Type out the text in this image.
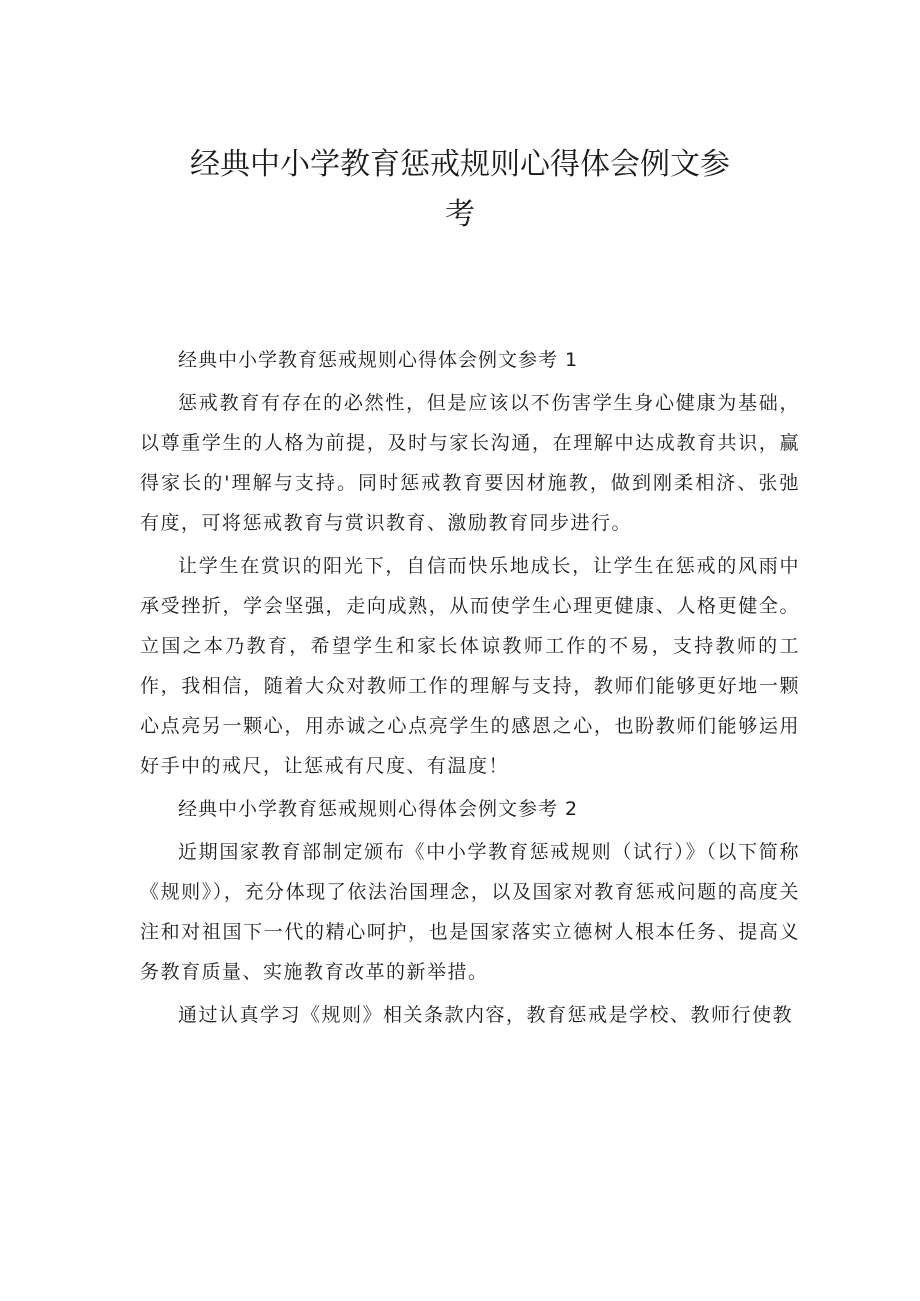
经典中小学教育惩戒规则心得体会例文参
考

经典中小学教育惩戒规则心得体会例文参考 1

惩戒教育有存在的必然性，但是应该以不伤害学生身心健康为基础，以尊重学生的人格为前提，及时与家长沟通，在理解中达成教育共识，赢得家长的'理解与支持。同时惩戒教育要因材施教，做到刚柔相济、张弛有度，可将惩戒教育与赏识教育、激励教育同步进行。

让学生在赏识的阳光下，自信而快乐地成长，让学生在惩戒的风雨中承受挫折，学会坚强，走向成熟，从而使学生心理更健康、人格更健全。立国之本乃教育，希望学生和家长体谅教师工作的不易，支持教师的工作，我相信，随着大众对教师工作的理解与支持，教师们能够更好地一颗心点亮另一颗心，用赤诚之心点亮学生的感恩之心，也盼教师们能够运用好手中的戒尺，让惩戒有尺度、有温度！

经典中小学教育惩戒规则心得体会例文参考 2

近期国家教育部制定颁布《中小学教育惩戒规则（试行）》（以下简称《规则》），充分体现了依法治国理念，以及国家对教育惩戒问题的高度关注和对祖国下一代的精心呵护，也是国家落实立德树人根本任务、提高义务教育质量、实施教育改革的新举措。

通过认真学习《规则》相关条款内容，教育惩戒是学校、教师行使教
